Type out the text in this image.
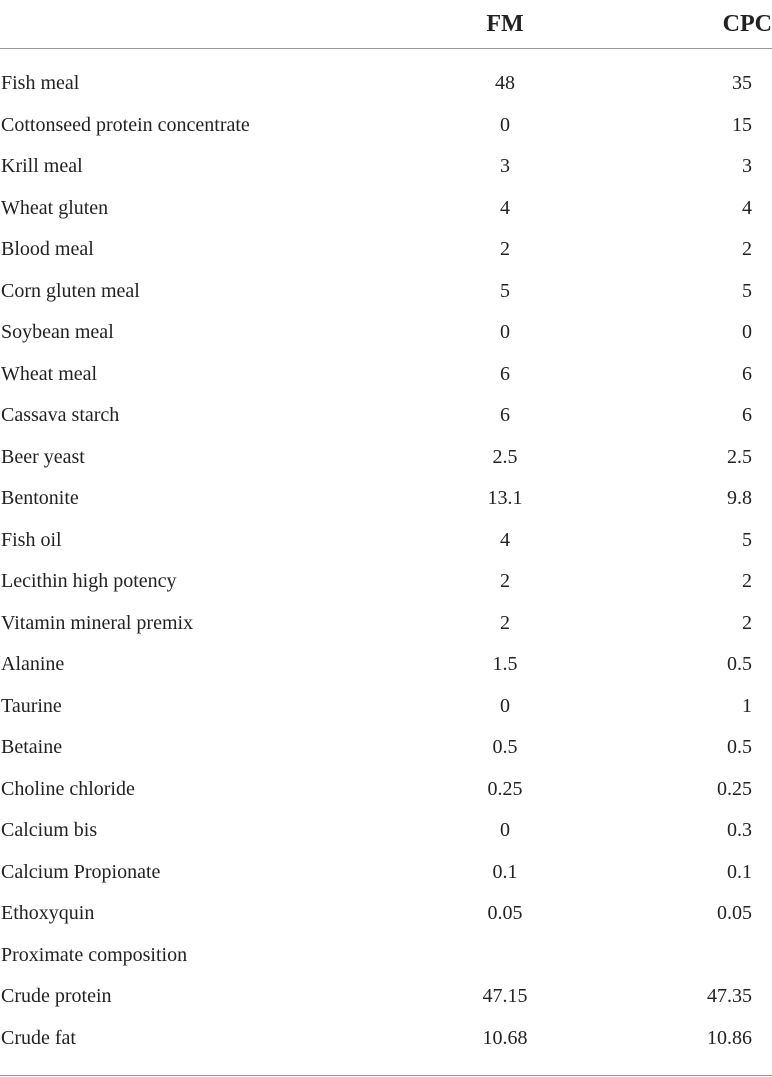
	FM	CPC
Fish meal	48	35
Cottonseed protein concentrate	0	15
Krill meal	3	3
Wheat gluten	4	4
Blood meal	2	2
Corn gluten meal	5	5
Soybean meal	0	0
Wheat meal	6	6
Cassava starch	6	6
Beer yeast	2.5	2.5
Bentonite	13.1	9.8
Fish oil	4	5
Lecithin high potency	2	2
Vitamin mineral premix	2	2
Alanine	1.5	0.5
Taurine	0	1
Betaine	0.5	0.5
Choline chloride	0.25	0.25
Calcium bis	0	0.3
Calcium Propionate	0.1	0.1
Ethoxyquin	0.05	0.05
Proximate composition		
Crude protein	47.15	47.35
Crude fat	10.68	10.86
